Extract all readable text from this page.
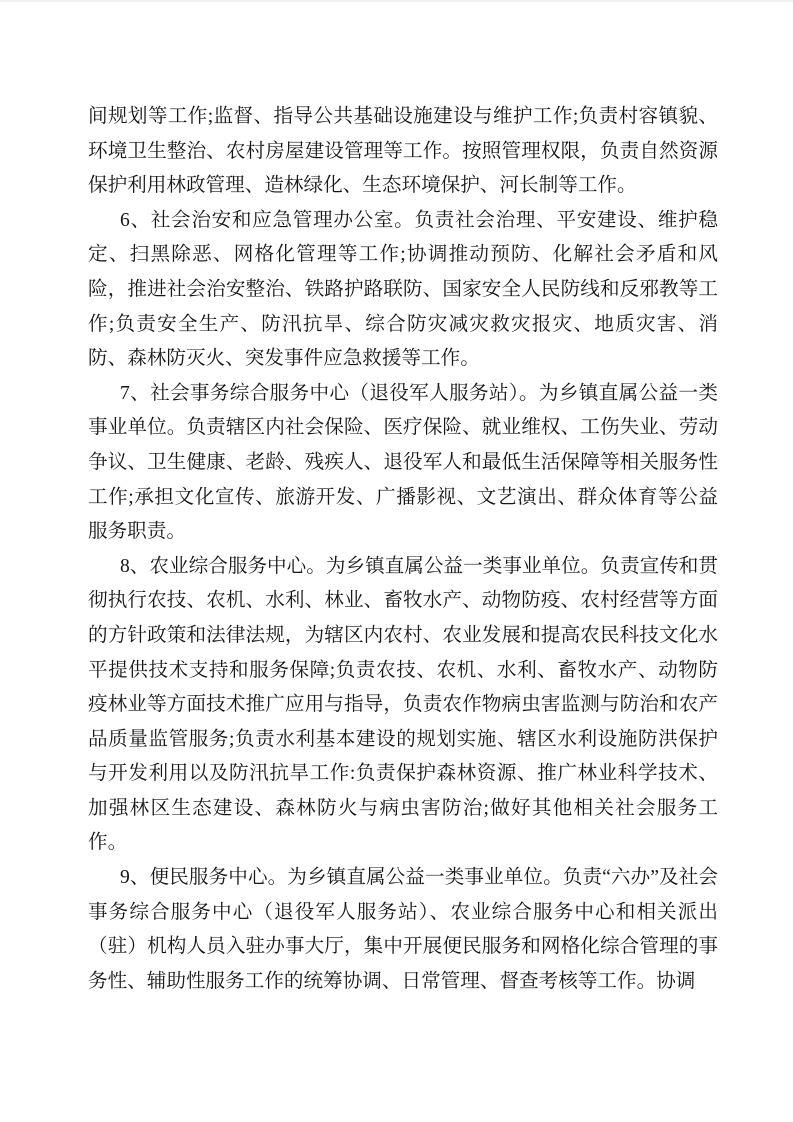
间规划等工作;监督、指导公共基础设施建设与维护工作;负责村容镇貌、环境卫生整治、农村房屋建设管理等工作。按照管理权限，负责自然资源保护利用林政管理、造林绿化、生态环境保护、河长制等工作。

6、社会治安和应急管理办公室。负责社会治理、平安建设、维护稳定、扫黑除恶、网格化管理等工作;协调推动预防、化解社会矛盾和风险，推进社会治安整治、铁路护路联防、国家安全人民防线和反邪教等工作;负责安全生产、防汛抗旱、综合防灾减灾救灾报灾、地质灾害、消防、森林防灭火、突发事件应急救援等工作。

7、社会事务综合服务中心（退役军人服务站）。为乡镇直属公益一类事业单位。负责辖区内社会保险、医疗保险、就业维权、工伤失业、劳动争议、卫生健康、老龄、残疾人、退役军人和最低生活保障等相关服务性工作;承担文化宣传、旅游开发、广播影视、文艺演出、群众体育等公益服务职责。

8、农业综合服务中心。为乡镇直属公益一类事业单位。负责宣传和贯彻执行农技、农机、水利、林业、畜牧水产、动物防疫、农村经营等方面的方针政策和法律法规，为辖区内农村、农业发展和提高农民科技文化水平提供技术支持和服务保障;负责农技、农机、水利、畜牧水产、动物防疫林业等方面技术推广应用与指导，负责农作物病虫害监测与防治和农产品质量监管服务;负责水利基本建设的规划实施、辖区水利设施防洪保护与开发利用以及防汛抗旱工作:负责保护森林资源、推广林业科学技术、加强林区生态建设、森林防火与病虫害防治;做好其他相关社会服务工作。

9、便民服务中心。为乡镇直属公益一类事业单位。负责“六办”及社会事务综合服务中心（退役军人服务站）、农业综合服务中心和相关派出（驻）机构人员入驻办事大厅，集中开展便民服务和网格化综合管理的事务性、辅助性服务工作的统筹协调、日常管理、督查考核等工作。协调
